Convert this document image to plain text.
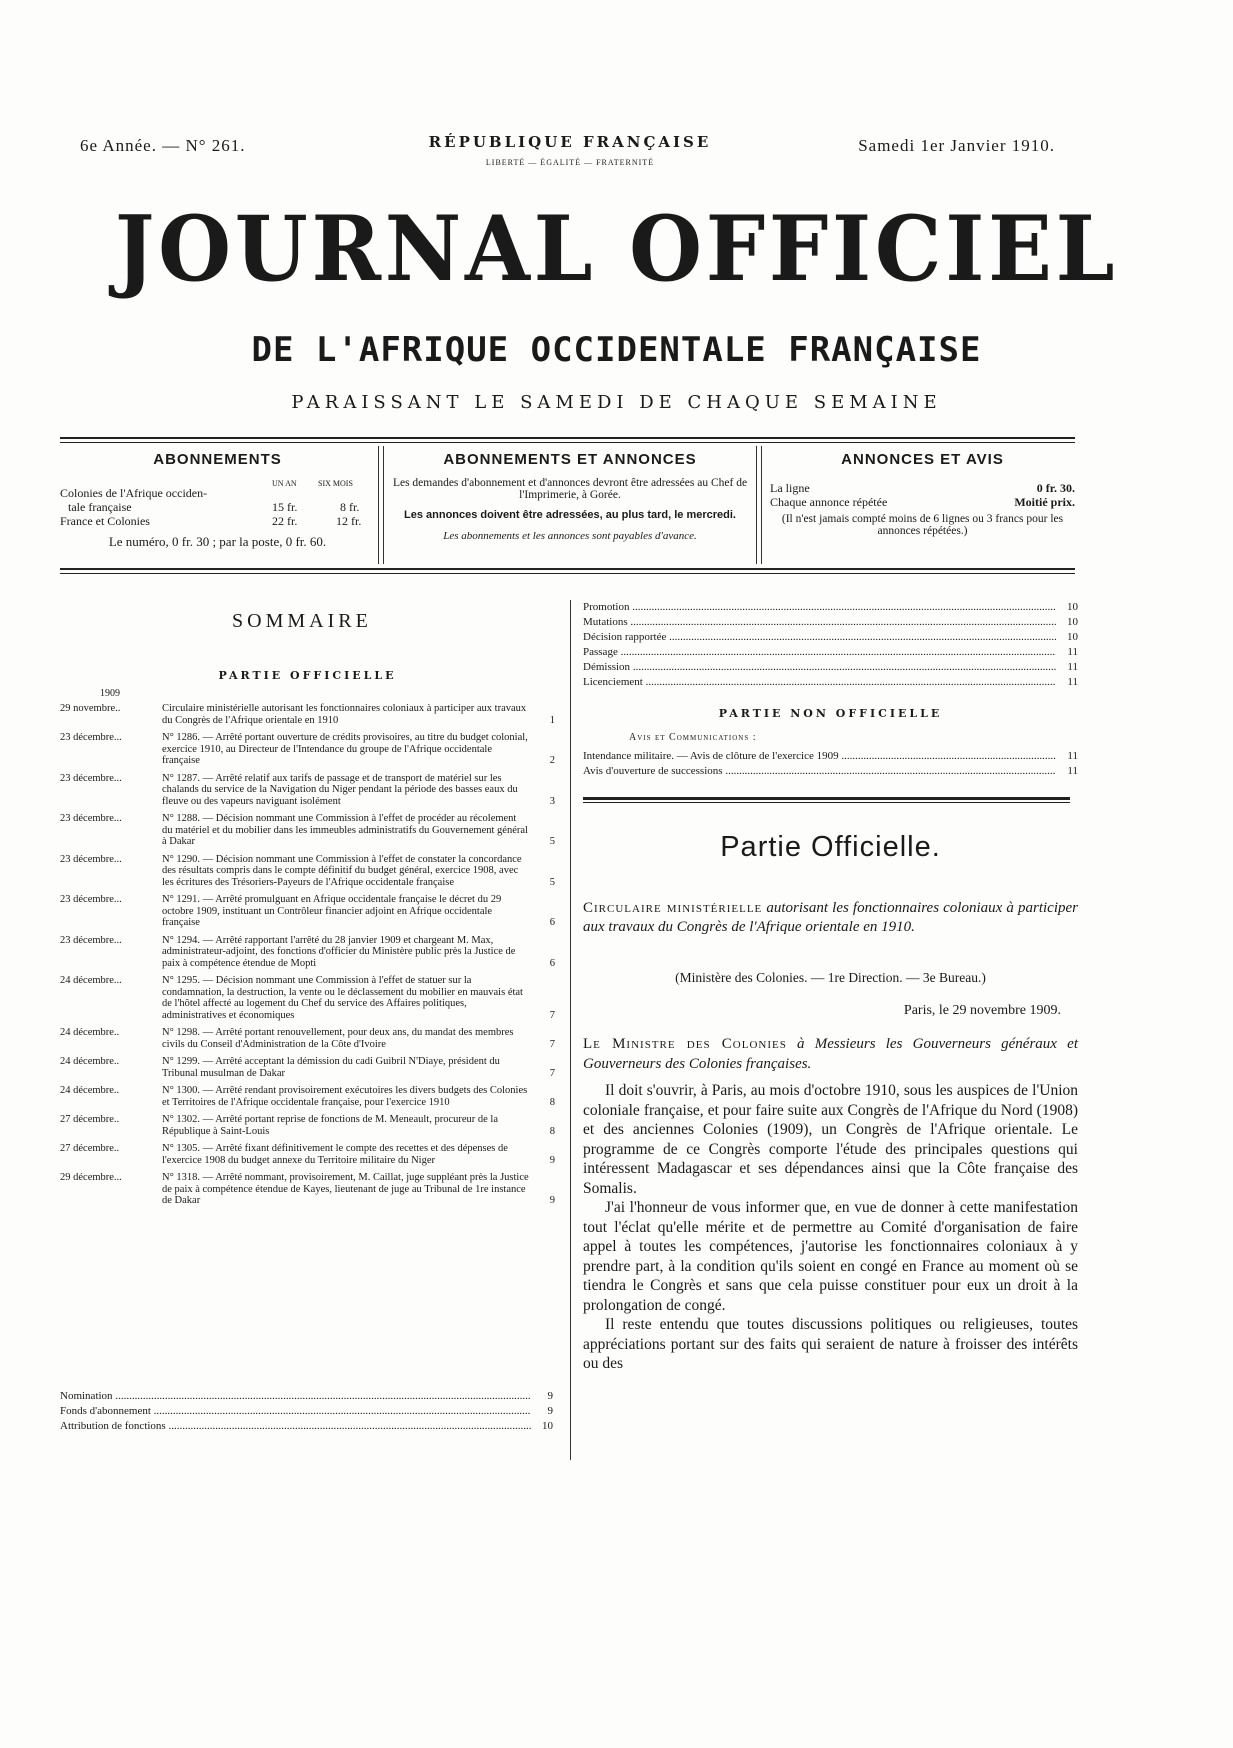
6e Année. — N° 261.	RÉPUBLIQUE FRANÇAISE
LIBERTÉ — ÉGALITÉ — FRATERNITÉ
Samedi 1er Janvier 1910.
JOURNAL OFFICIEL
DE L'AFRIQUE OCCIDENTALE FRANÇAISE
PARAISSANT LE SAMEDI DE CHAQUE SEMAINE
ABONNEMENTS
UN AN	SIX MOIS
Colonies de l'Afrique occiden-
tale française	15 fr.	8 fr.
France et Colonies	22 fr.	12 fr.
Le numéro, 0 fr. 30 ; par la poste, 0 fr. 60.
ABONNEMENTS ET ANNONCES
Les demandes d'abonnement et d'annonces devront être adressées au Chef de l'Imprimerie, à Gorée.
Les annonces doivent être adressées, au plus tard, le mercredi.
Les abonnements et les annonces sont payables d'avance.
ANNONCES ET AVIS
La ligne	0 fr. 30.
Chaque annonce répétée	Moitié prix.
(Il n'est jamais compté moins de 6 lignes ou 3 francs pour les annonces répétées.)
SOMMAIRE
PARTIE OFFICIELLE
1909
29 novembre..	Circulaire ministérielle autorisant les fonctionnaires coloniaux à participer aux travaux du Congrès de l'Afrique orientale en 1910	1
23 décembre...	N° 1286. — Arrêté portant ouverture de crédits provisoires, au titre du budget colonial, exercice 1910, au Directeur de l'Intendance du groupe de l'Afrique occidentale française	2
23 décembre...	N° 1287. — Arrêté relatif aux tarifs de passage et de transport de matériel sur les chalands du service de la Navigation du Niger pendant la période des basses eaux du fleuve ou des vapeurs naviguant isolément	3
23 décembre...	N° 1288. — Décision nommant une Commission à l'effet de procéder au récolement du matériel et du mobilier dans les immeubles administratifs du Gouvernement général à Dakar	5
23 décembre...	N° 1290. — Décision nommant une Commission à l'effet de constater la concordance des résultats compris dans le compte définitif du budget général, exercice 1908, avec les écritures des Trésoriers-Payeurs de l'Afrique occidentale française	5
23 décembre...	N° 1291. — Arrêté promulguant en Afrique occidentale française le décret du 29 octobre 1909, instituant un Contrôleur financier adjoint en Afrique occidentale française	6
23 décembre...	N° 1294. — Arrêté rapportant l'arrêté du 28 janvier 1909 et chargeant M. Max, administrateur-adjoint, des fonctions d'officier du Ministère public près la Justice de paix à compétence étendue de Mopti	6
24 décembre...	N° 1295. — Décision nommant une Commission à l'effet de statuer sur la condamnation, la destruction, la vente ou le déclassement du mobilier en mauvais état de l'hôtel affecté au logement du Chef du service des Affaires politiques, administratives et économiques	7
24 décembre..	N° 1298. — Arrêté portant renouvellement, pour deux ans, du mandat des membres civils du Conseil d'Administration de la Côte d'Ivoire	7
24 décembre..	N° 1299. — Arrêté acceptant la démission du cadi Guibril N'Diaye, président du Tribunal musulman de Dakar	7
24 décembre..	N° 1300. — Arrêté rendant provisoirement exécutoires les divers budgets des Colonies et Territoires de l'Afrique occidentale française, pour l'exercice 1910	8
27 décembre..	N° 1302. — Arrêté portant reprise de fonctions de M. Meneault, procureur de la République à Saint-Louis	8
27 décembre..	N° 1305. — Arrêté fixant définitivement le compte des recettes et des dépenses de l'exercice 1908 du budget annexe du Territoire militaire du Niger	9
29 décembre...	N° 1318. — Arrêté nommant, provisoirement, M. Caillat, juge suppléant près la Justice de paix à compétence étendue de Kayes, lieutenant de juge au Tribunal de 1re instance de Dakar	9
Nomination .....	9
Fonds d'abonnement .....	9
Attribution de fonctions .....	10
Promotion .....	10
Mutations .....	10
Décision rapportée .....	10
Passage .....	11
Démission .....	11
Licenciement .....	11
PARTIE NON OFFICIELLE
Avis et Communications :
Intendance militaire. — Avis de clôture de l'exercice 1909 .....	11
Avis d'ouverture de successions .....	11
Partie Officielle.
Circulaire ministérielle autorisant les fonctionnaires coloniaux à participer aux travaux du Congrès de l'Afrique orientale en 1910.
(Ministère des Colonies. — 1re Direction. — 3e Bureau.)
Paris, le 29 novembre 1909.
Le Ministre des Colonies à Messieurs les Gouverneurs généraux et Gouverneurs des Colonies françaises.

Il doit s'ouvrir, à Paris, au mois d'octobre 1910, sous les auspices de l'Union coloniale française, et pour faire suite aux Congrès de l'Afrique du Nord (1908) et des anciennes Colonies (1909), un Congrès de l'Afrique orientale. Le programme de ce Congrès comporte l'étude des principales questions qui intéressent Madagascar et ses dépendances ainsi que la Côte française des Somalis.

J'ai l'honneur de vous informer que, en vue de donner à cette manifestation tout l'éclat qu'elle mérite et de permettre au Comité d'organisation de faire appel à toutes les compétences, j'autorise les fonctionnaires coloniaux à y prendre part, à la condition qu'ils soient en congé en France au moment où se tiendra le Congrès et sans que cela puisse constituer pour eux un droit à la prolongation de congé.

Il reste entendu que toutes discussions politiques ou religieuses, toutes appréciations portant sur des faits qui seraient de nature à froisser des intérêts ou des
